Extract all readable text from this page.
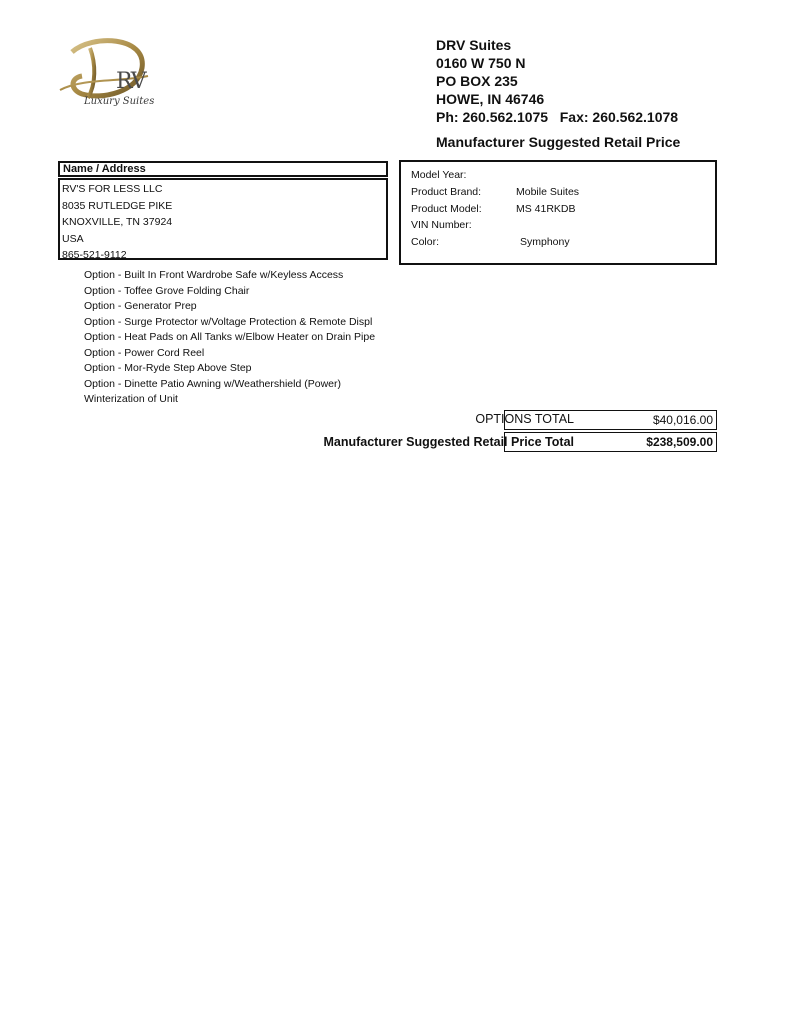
RV
Luxury Suites
DRV Suites
0160 W 750 N
PO BOX 235
HOWE, IN 46746
Ph: 260.562.1075   Fax: 260.562.1078
Manufacturer Suggested Retail Price
Name / Address
RV'S FOR LESS LLC
8035 RUTLEDGE PIKE
KNOXVILLE, TN 37924
USA
865-521-9112
Model Year:
Product Brand:	Mobile Suites
Product Model:	MS 41RKDB
VIN Number:
Color:	Symphony
Option - Built In Front Wardrobe Safe w/Keyless Access
Option - Toffee Grove Folding Chair
Option - Generator Prep
Option - Surge Protector w/Voltage Protection & Remote Displ
Option - Heat Pads on All Tanks w/Elbow Heater on Drain Pipe
Option - Power Cord Reel
Option - Mor-Ryde Step Above Step
Option - Dinette Patio Awning w/Weathershield (Power)
Winterization of Unit
OPTIONS TOTAL	$40,016.00
Manufacturer Suggested Retail Price Total	$238,509.00
